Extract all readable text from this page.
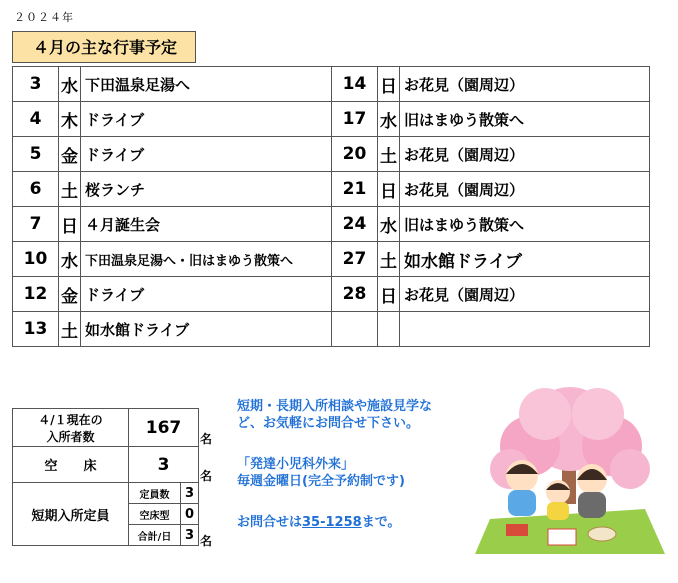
２０２４年
４月の主な行事予定
3	水	下田温泉足湯へ	14	日	お花見（園周辺）
4	木	ドライブ	17	水	旧はまゆう散策へ
5	金	ドライブ	20	土	お花見（園周辺）
6	土	桜ランチ	21	日	お花見（園周辺）
7	日	４月誕生会	24	水	旧はまゆう散策へ
10	水	下田温泉足湯へ・旧はまゆう散策へ	27	土	如水館ドライブ
12	金	ドライブ	28	日	お花見（園周辺）
13	土	如水館ドライブ			
４/１現在の
入所者数	167	
空　　床	3	
短期入所定員	定員数	3
	空床型	0
	合計/日	3
名
名
名
短期・長期入所相談や施設見学な
ど、お気軽にお問合せ下さい。
「発達小児科外来」
毎週金曜日(完全予約制です)
お問合せは35-1258まで。
